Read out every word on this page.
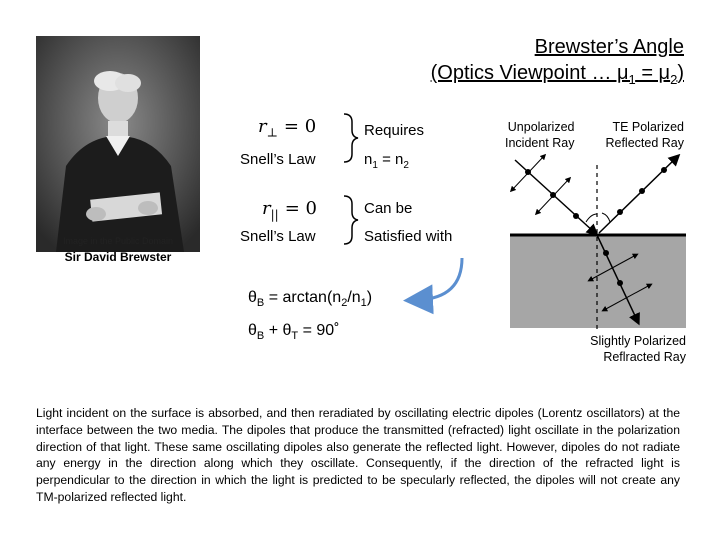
Brewster’s Angle
(Optics Viewpoint … $\mu_1 = \mu_2$)
Image in the Public Domain
Sir David Brewster
$r_\perp = 0$
Snell’s Law
$r_{||} = 0$
Snell’s Law
Requires
$n_1 = n_2$
Can be
Satisfied with
$\theta_B = \arctan(n_2/n_1)$
$\theta_B + \theta_T$ = 90˚
Unpolarized
Incident Ray
TE Polarized
Reflected Ray
Slightly Polarized
Reflracted Ray
Light incident on the surface is absorbed, and then reradiated by oscillating electric dipoles (Lorentz oscillators) at the interface between the two media. The dipoles that produce the transmitted (refracted) light oscillate in the polarization direction of that light. These same oscillating dipoles also generate the reflected light. However, dipoles do not radiate any energy in the direction along which they oscillate. Consequently, if the direction of the refracted light is perpendicular to the direction in which the light is predicted to be specularly reflected, the dipoles will not create any TM-polarized reflected light.
